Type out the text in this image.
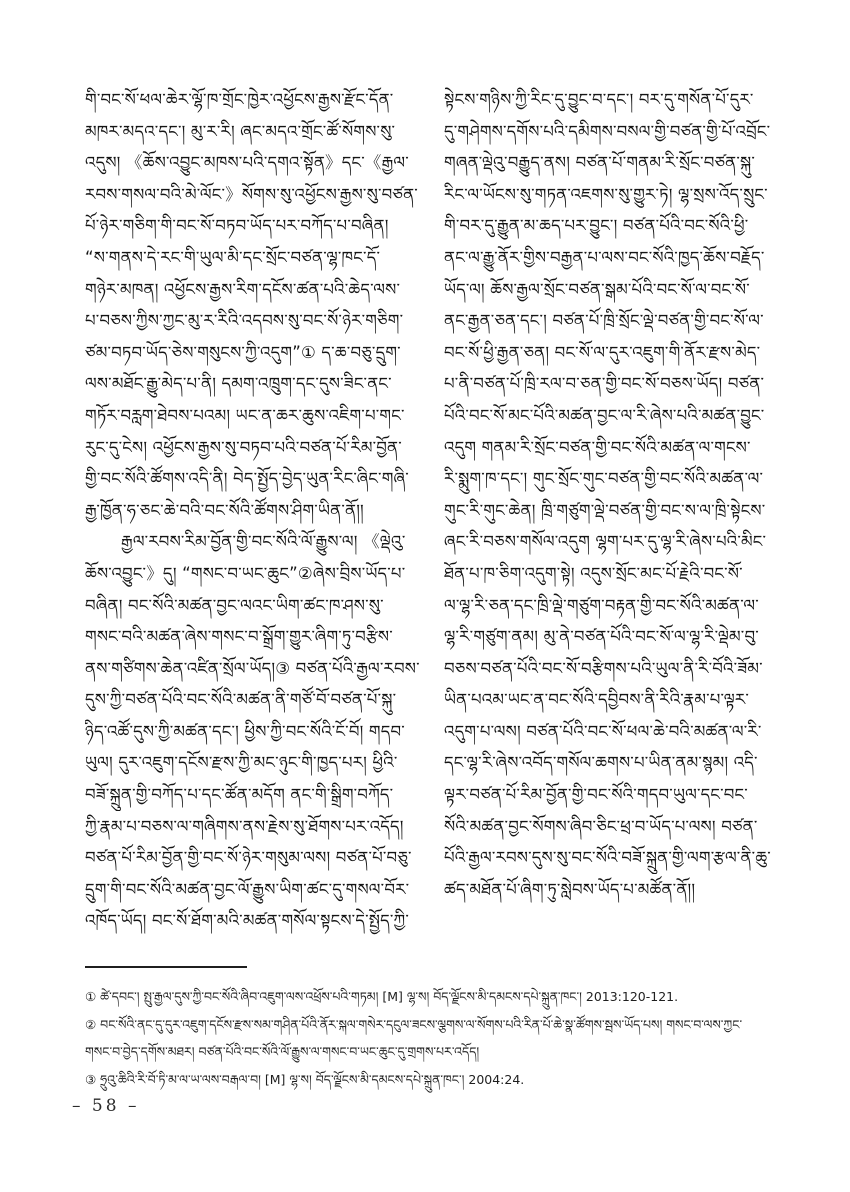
གི་བང་སོ་ཕལ་ཆེར་ལྷོ་ཁ་གྲོང་ཁྱེར་འཕྱོངས་རྒྱས་རྫོང་དོན་
མཁར་མདའ་དང་། མུ་ར་རི། ཞང་མདའ་གྲོང་ཚོ་སོགས་སུ་
འདུས། 《ཆོས་འབྱུང་མཁས་པའི་དགའ་སྟོན》དང་《རྒྱལ་
རབས་གསལ་བའི་མེ་ལོང་》སོགས་སུ་འཕྱོངས་རྒྱས་སུ་བཙན་
པོ་ཉེར་གཅིག་གི་བང་སོ་བཏབ་ཡོད་པར་བཀོད་པ་བཞིན།
“ས་གནས་དེ་རང་གི་ཡུལ་མི་དང་སྲོང་བཙན་ལྷ་ཁང་དོ་
གཉེར་མཁན། འཕྱོངས་རྒྱས་རིག་དངོས་ཚན་པའི་ཆེད་ལས་
པ་བཅས་ཀྱིས་ཀྱང་མུ་ར་རིའི་འདབས་སུ་བང་སོ་ཉེར་གཅིག་
ཙམ་བཏབ་ཡོད་ཅེས་གསུངས་ཀྱི་འདུག”① ད་ཆ་བཅུ་དྲུག་
ལས་མཐོང་རྒྱུ་མེད་པ་ནི། དམག་འཁྲུག་དང་དུས་ཟིང་ནང་
གཏོར་བརླག་ཐེབས་པའམ། ཡང་ན་ཆར་ཆུས་འཇིག་པ་གང་
རུང་དུ་ངེས། འཕྱོངས་རྒྱས་སུ་བཏབ་པའི་བཙན་པོ་རིམ་བྱོན་
གྱི་བང་སོའི་ཚོགས་འདི་ནི། བེད་སྤྱོད་བྱེད་ཡུན་རིང་ཞིང་གཞི་
རྒྱ་ཁྱོན་ཧ་ཅང་ཆེ་བའི་བང་སོའི་ཚོགས་ཤིག་ཡིན་ནོ།།
རྒྱལ་རབས་རིམ་བྱོན་གྱི་བང་སོའི་ལོ་རྒྱུས་ལ། 《ལྡེའུ་
ཆོས་འབྱུང་》དུ། “གསང་བ་ཡང་ཆུང”②ཞེས་བྲིས་ཡོད་པ་
བཞིན། བང་སོའི་མཚན་བྱང་ལའང་ཡིག་ཚང་ཁ་ཤས་སུ་
གསང་བའི་མཚན་ཞེས་གསང་བ་སྒྲོག་གྱུར་ཞིག་ཏུ་བརྩིས་
ནས་གཙིགས་ཆེན་འཛིན་སྲོལ་ཡོད།③ བཙན་པོའི་རྒྱལ་རབས་
དུས་ཀྱི་བཙན་པོའི་བང་སོའི་མཚན་ནི་གཙོ་བོ་བཙན་པོ་སྐུ་
ཉིད་འཚོ་དུས་ཀྱི་མཚན་དང་། ཕྱིས་ཀྱི་བང་སོའི་ངོ་བོ། གདབ་
ཡུལ། དུར་འཇུག་དངོས་རྫས་ཀྱི་མང་ཉུང་གི་ཁྱད་པར། ཕྱིའི་
བཟོ་སྐྲུན་གྱི་བཀོད་པ་དང་ཚོན་མདོག ནང་གི་སྒྲིག་བཀོད་
ཀྱི་རྣམ་པ་བཅས་ལ་གཞིགས་ནས་རྗེས་སུ་ཐོགས་པར་འདོད།
བཙན་པོ་རིམ་བྱོན་གྱི་བང་སོ་ཉེར་གསུམ་ལས། བཙན་པོ་བཅུ་
དྲུག་གི་བང་སོའི་མཚན་བྱང་ལོ་རྒྱུས་ཡིག་ཚང་དུ་གསལ་བོར་
འཁོད་ཡོད། བང་སོ་ཐོག་མའི་མཚན་གསོལ་སྟངས་དེ་སྤྱོད་ཀྱི་
སྟེངས་གཉིས་ཀྱི་རིང་དུ་བྱུང་བ་དང་། བར་དུ་གསོན་པོ་དུར་
དུ་གཤེགས་དགོས་པའི་དམིགས་བསལ་གྱི་བཙན་གྱི་པོ་འབྲོང་
གཞན་ལྡེའུ་བརྒྱུད་ནས། བཙན་པོ་གནམ་རི་སྲོང་བཙན་སྐུ་
རིང་ལ་ཡོངས་སུ་གཏན་འཇགས་སུ་གྱུར་ཏེ། ལྷ་སྲས་འོད་སྲུང་
གི་བར་དུ་རྒྱུན་མ་ཆད་པར་བྱུང་། བཙན་པོའི་བང་སོའི་ཕྱི་
ནང་ལ་རྒྱུ་ནོར་གྱིས་བརྒྱན་པ་ལས་བང་སོའི་ཁྱད་ཆོས་བརྗོད་
ཡོད་ལ། ཆོས་རྒྱལ་སྲོང་བཙན་སྒམ་པོའི་བང་སོ་ལ་བང་སོ་
ནང་རྒྱན་ཅན་དང་། བཙན་པོ་ཁྲི་སྲོང་ལྡེ་བཙན་གྱི་བང་སོ་ལ་
བང་སོ་ཕྱི་རྒྱན་ཅན། བང་སོ་ལ་དུར་འཇུག་གི་ནོར་རྫས་མེད་
པ་ནི་བཙན་པོ་ཁྲི་རལ་བ་ཅན་གྱི་བང་སོ་བཅས་ཡོད། བཙན་
པོའི་བང་སོ་མང་པོའི་མཚན་བྱང་ལ་རི་ཞེས་པའི་མཚན་བྱུང་
འདུག གནམ་རི་སྲོང་བཙན་གྱི་བང་སོའི་མཚན་ལ་གངས་
རི་སྨུག་ཁ་དང་། གུང་སྲོང་གུང་བཙན་གྱི་བང་སོའི་མཚན་ལ་
གུང་རི་གུང་ཆེན། ཁྲི་གཙུག་ལྡེ་བཙན་གྱི་བང་ས་ལ་ཁྲི་སྟེངས་
ཞང་རི་བཅས་གསོལ་འདུག ལྷག་པར་དུ་ལྷ་རི་ཞེས་པའི་མིང་
ཐོན་པ་ཁ་ཅིག་འདུག་སྟེ། འདུས་སྲོང་མང་པོ་རྗེའི་བང་སོ་
ལ་ལྷ་རི་ཅན་དང་ཁྲི་ལྡེ་གཙུག་བརྟན་གྱི་བང་སོའི་མཚན་ལ་
ལྷ་རི་གཙུག་ནམ། མུ་ནེ་བཙན་པོའི་བང་སོ་ལ་ལྷ་རི་ལྡེམ་བུ་
བཅས་བཙན་པོའི་བང་སོ་བརྩིགས་པའི་ཡུལ་ནི་རི་བོའི་ཟོམ་
ཡིན་པའམ་ཡང་ན་བང་སོའི་དབྱིབས་ནི་རིའི་རྣམ་པ་ལྟར་
འདུག་པ་ལས། བཙན་པོའི་བང་སོ་ཕལ་ཆེ་བའི་མཚན་ལ་རི་
དང་ལྷ་རི་ཞེས་འབོད་གསོལ་ཆགས་པ་ཡིན་ནམ་སྙམ། འདི་
ལྟར་བཙན་པོ་རིམ་བྱོན་གྱི་བང་སོའི་གདབ་ཡུལ་དང་བང་
སོའི་མཚན་བྱང་སོགས་ཞིབ་ཅིང་ཕྲ་བ་ཡོད་པ་ལས། བཙན་
པོའི་རྒྱལ་རབས་དུས་སུ་བང་སོའི་བཟོ་སྐྲུན་གྱི་ལག་རྩལ་ནི་ཆུ་
ཚད་མཐོན་པོ་ཞིག་ཏུ་སླེབས་ཡོད་པ་མཚོན་ནོ།།
① ཚེ་དབང་། སྤུ་རྒྱལ་དུས་ཀྱི་བང་སོའི་ཞིབ་འཇུག་ལས་འཕྲོས་པའི་གཏམ། [M] ལྷ་ས། བོད་ལྗོངས་མི་དམངས་དཔེ་སྐྲུན་ཁང་། 2013:120-121.
② བང་སོའི་ནང་དུ་དུར་འཇུག་དངོས་རྫས་སམ་གཤིན་པོའི་ནོར་སྐལ་གསེར་དངུལ་ཟངས་ལྕགས་ལ་སོགས་པའི་རིན་པོ་ཆེ་སྣ་ཚོགས་སྦས་ཡོད་པས། གསང་བ་ལས་ཀྱང་
གསང་བ་བྱེད་དགོས་མཐར། བཙན་པོའི་བང་སོའི་ལོ་རྒྱུས་ལ་གསང་བ་ཡང་ཆུང་དུ་གྲགས་པར་འདོད།
③ ཧྲུའུ་ཆིའི་རི་བོ་ཏི་མ་ལ་ཡ་ལས་བརྒལ་བ། [M] ལྷ་ས། བོད་ལྗོངས་མི་དམངས་དཔེ་སྐྲུན་ཁང་། 2004:24.
– 58 –
